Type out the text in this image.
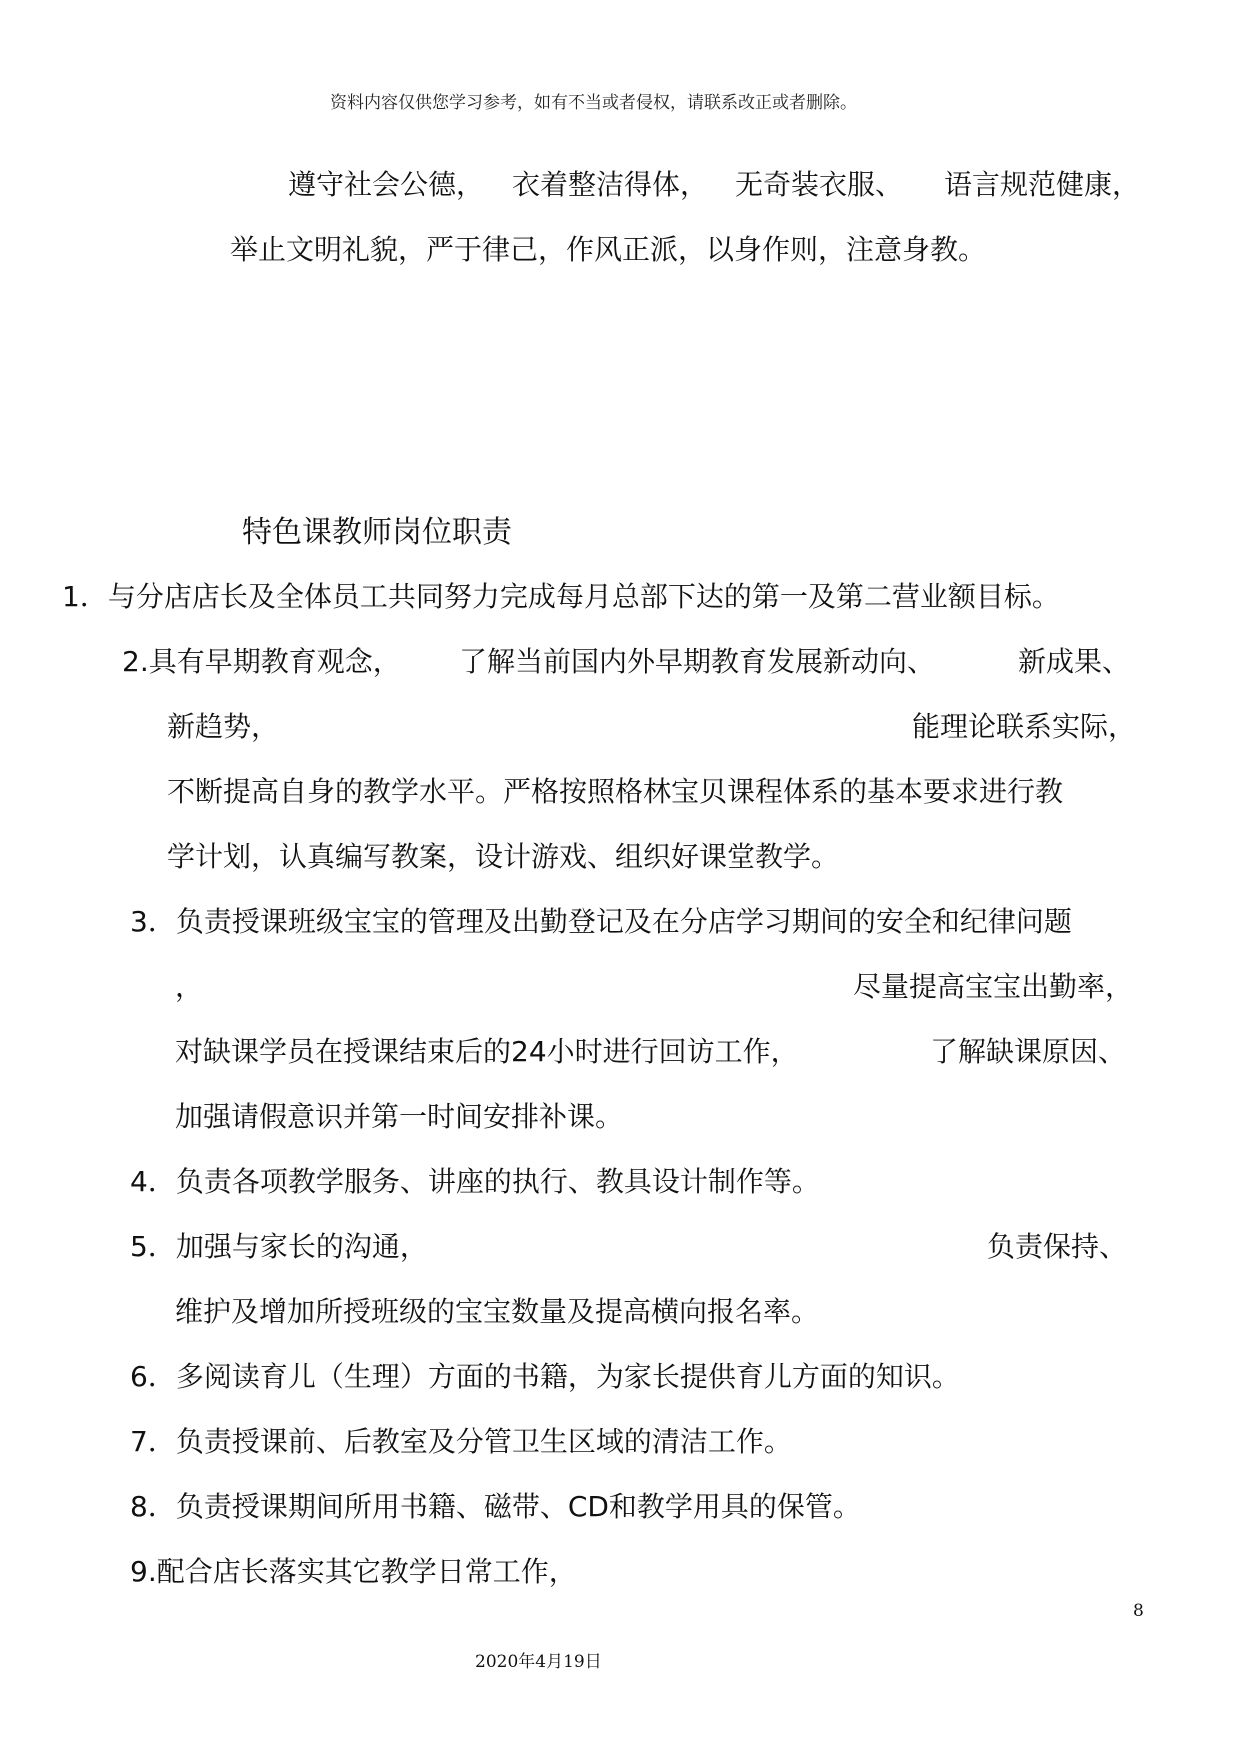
资料内容仅供您学习参考，如有不当或者侵权，请联系改正或者删除。

遵守社会公德， 衣着整洁得体， 无奇装衣服、 语言规范健康，

举止文明礼貌，严于律己，作风正派，以身作则，注意身教。

特色课教师岗位职责

1．与分店店长及全体员工共同努力完成每月总部下达的第一及第二营业额目标。

2.具有早期教育观念， 了解当前国内外早期教育发展新动向、	新成果、

新趋势，	能理论联系实际，

不断提高自身的教学水平。严格按照格林宝贝课程体系的基本要求进行教

学计划，认真编写教案，设计游戏、组织好课堂教学。

3．负责授课班级宝宝的管理及出勤登记及在分店学习期间的安全和纪律问题

，	尽量提高宝宝出勤率，

对缺课学员在授课结束后的24小时进行回访工作，	了解缺课原因、

加强请假意识并第一时间安排补课。

4．负责各项教学服务、讲座的执行、教具设计制作等。

5．加强与家长的沟通，	负责保持、

维护及增加所授班级的宝宝数量及提高横向报名率。

6．多阅读育儿（生理）方面的书籍，为家长提供育儿方面的知识。

7．负责授课前、后教室及分管卫生区域的清洁工作。

8．负责授课期间所用书籍、磁带、CD和教学用具的保管。

9.配合店长落实其它教学日常工作，

8

2020年4月19日
